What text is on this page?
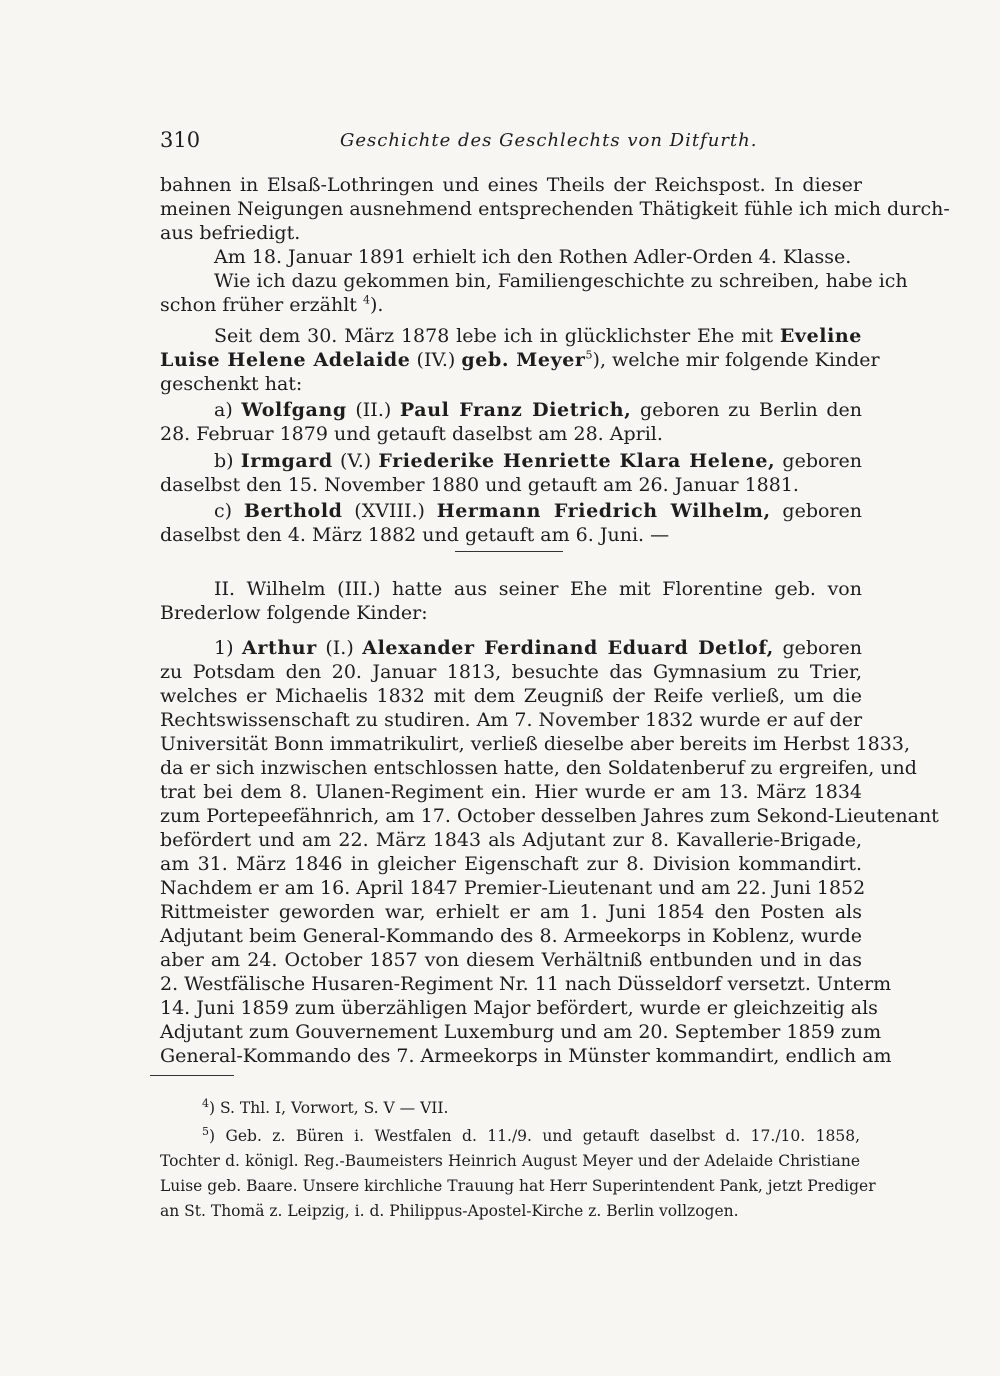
310	Geschichte des Geschlechts von Ditfurth.
bahnen in Elsaß-Lothringen und eines Theils der Reichspost. In dieser
meinen Neigungen ausnehmend entsprechenden Thätigkeit fühle ich mich durch-
aus befriedigt.
Am 18. Januar 1891 erhielt ich den Rothen Adler-Orden 4. Klasse.
Wie ich dazu gekommen bin, Familiengeschichte zu schreiben, habe ich
schon früher erzählt $^4$).
Seit dem 30. März 1878 lebe ich in glücklichster Ehe mit Eveline
Luise Helene Adelaide (IV.) geb. Meyer$^5$), welche mir folgende Kinder
geschenkt hat:
a) Wolfgang (II.) Paul Franz Dietrich, geboren zu Berlin den
28. Februar 1879 und getauft daselbst am 28. April.
b) Irmgard (V.) Friederike Henriette Klara Helene, geboren
daselbst den 15. November 1880 und getauft am 26. Januar 1881.
c) Berthold (XVIII.) Hermann Friedrich Wilhelm, geboren
daselbst den 4. März 1882 und getauft am 6. Juni. —
II. Wilhelm (III.) hatte aus seiner Ehe mit Florentine geb. von
Brederlow folgende Kinder:
1) Arthur (I.) Alexander Ferdinand Eduard Detlof, geboren
zu Potsdam den 20. Januar 1813, besuchte das Gymnasium zu Trier,
welches er Michaelis 1832 mit dem Zeugniß der Reife verließ, um die
Rechtswissenschaft zu studiren. Am 7. November 1832 wurde er auf der
Universität Bonn immatrikulirt, verließ dieselbe aber bereits im Herbst 1833,
da er sich inzwischen entschlossen hatte, den Soldatenberuf zu ergreifen, und
trat bei dem 8. Ulanen-Regiment ein. Hier wurde er am 13. März 1834
zum Portepeefähnrich, am 17. October desselben Jahres zum Sekond-Lieutenant
befördert und am 22. März 1843 als Adjutant zur 8. Kavallerie-Brigade,
am 31. März 1846 in gleicher Eigenschaft zur 8. Division kommandirt.
Nachdem er am 16. April 1847 Premier-Lieutenant und am 22. Juni 1852
Rittmeister geworden war, erhielt er am 1. Juni 1854 den Posten als
Adjutant beim General-Kommando des 8. Armeekorps in Koblenz, wurde
aber am 24. October 1857 von diesem Verhältniß entbunden und in das
2. Westfälische Husaren-Regiment Nr. 11 nach Düsseldorf versetzt. Unterm
14. Juni 1859 zum überzähligen Major befördert, wurde er gleichzeitig als
Adjutant zum Gouvernement Luxemburg und am 20. September 1859 zum
General-Kommando des 7. Armeekorps in Münster kommandirt, endlich am
$^4$) S. Thl. I, Vorwort, S. V — VII.
$^5$) Geb. z. Büren i. Westfalen d. 11./9. und getauft daselbst d. 17./10. 1858,
Tochter d. königl. Reg.-Baumeisters Heinrich August Meyer und der Adelaide Christiane
Luise geb. Baare. Unsere kirchliche Trauung hat Herr Superintendent Pank, jetzt Prediger
an St. Thomä z. Leipzig, i. d. Philippus-Apostel-Kirche z. Berlin vollzogen.
